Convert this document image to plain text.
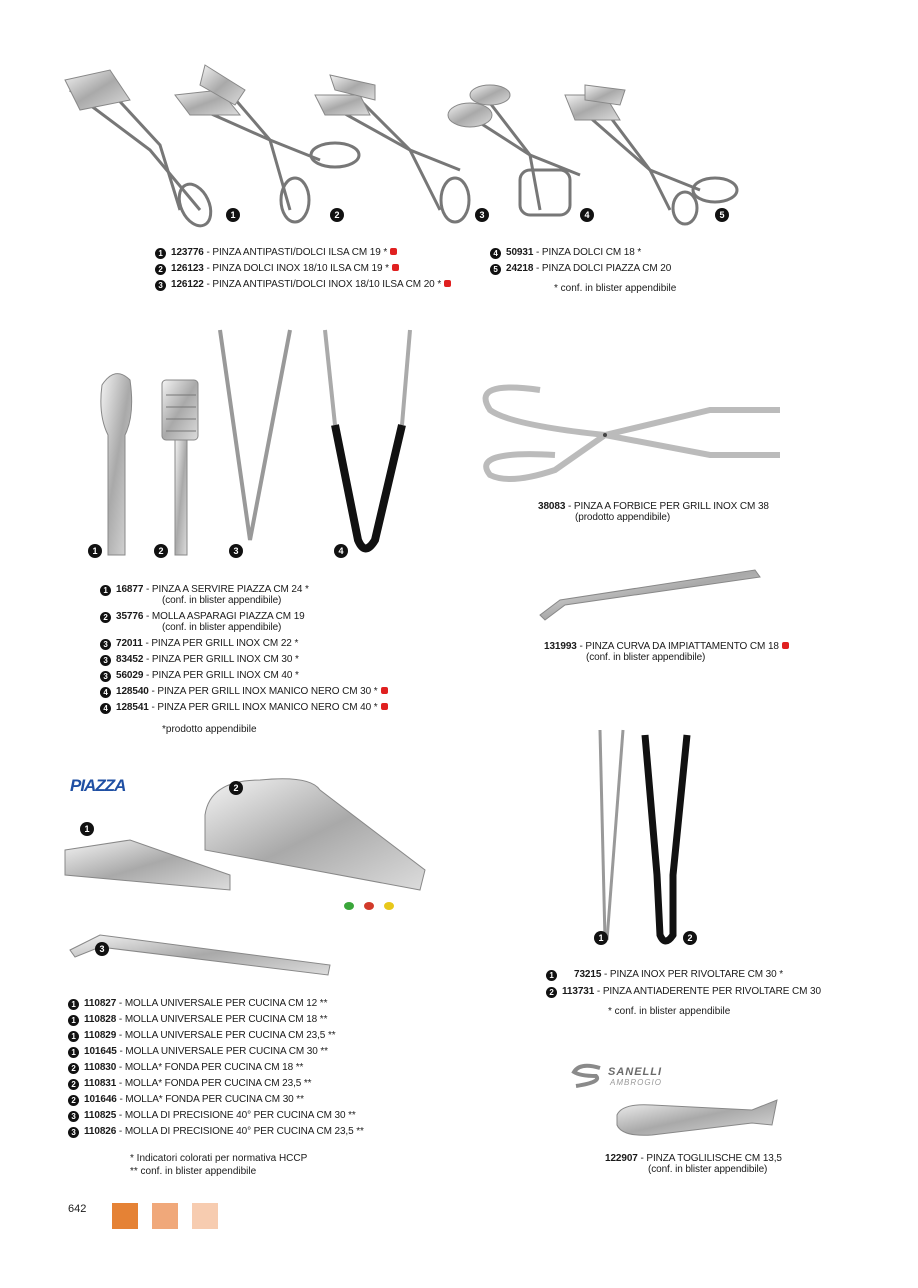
1	2	3	4	5
1 123776 - PINZA ANTIPASTI/DOLCI ILSA CM 19 *
2 126123 - PINZA DOLCI INOX 18/10 ILSA CM 19 *
3 126122 - PINZA ANTIPASTI/DOLCI INOX 18/10 ILSA CM 20 *
4 50931 - PINZA DOLCI CM 18 *
5 24218 - PINZA DOLCI PIAZZA CM 20
* conf. in blister appendibile
1	2	3	4
1 16877 - PINZA A SERVIRE PIAZZA CM 24 *
(conf. in blister appendibile)
2 35776 - MOLLA ASPARAGI PIAZZA CM 19
(conf. in blister appendibile)
3 72011 - PINZA PER GRILL INOX CM 22 *
3 83452 - PINZA PER GRILL INOX CM 30 *
3 56029 - PINZA PER GRILL INOX CM 40 *
4 128540 - PINZA PER GRILL INOX MANICO NERO CM 30 *
4 128541 - PINZA PER GRILL INOX MANICO NERO CM 40 *
*prodotto appendibile
38083 - PINZA A FORBICE PER GRILL INOX CM 38
(prodotto appendibile)
131993 - PINZA CURVA DA IMPIATTAMENTO CM 18
(conf. in blister appendibile)
PIAZZA
1
2
3
1 110827 - MOLLA UNIVERSALE PER CUCINA CM 12 **
1 110828 - MOLLA UNIVERSALE PER CUCINA CM 18 **
1 110829 - MOLLA UNIVERSALE PER CUCINA CM 23,5 **
1 101645 - MOLLA UNIVERSALE PER CUCINA CM 30 **
2 110830 - MOLLA* FONDA PER CUCINA CM 18 **
2 110831 - MOLLA* FONDA PER CUCINA CM 23,5 **
2 101646 - MOLLA* FONDA PER CUCINA CM 30 **
3 110825 - MOLLA DI PRECISIONE 40° PER CUCINA CM 30 **
3 110826 - MOLLA DI PRECISIONE 40° PER CUCINA CM 23,5 **
* Indicatori colorati per normativa HCCP
** conf. in blister appendibile
1	2
1 73215 - PINZA INOX PER RIVOLTARE CM 30 *
2 113731 - PINZA ANTIADERENTE PER RIVOLTARE CM 30
* conf. in blister appendibile
SANELLI
AMBROGIO
122907 - PINZA TOGLILISCHE CM 13,5
(conf. in blister appendibile)
642
